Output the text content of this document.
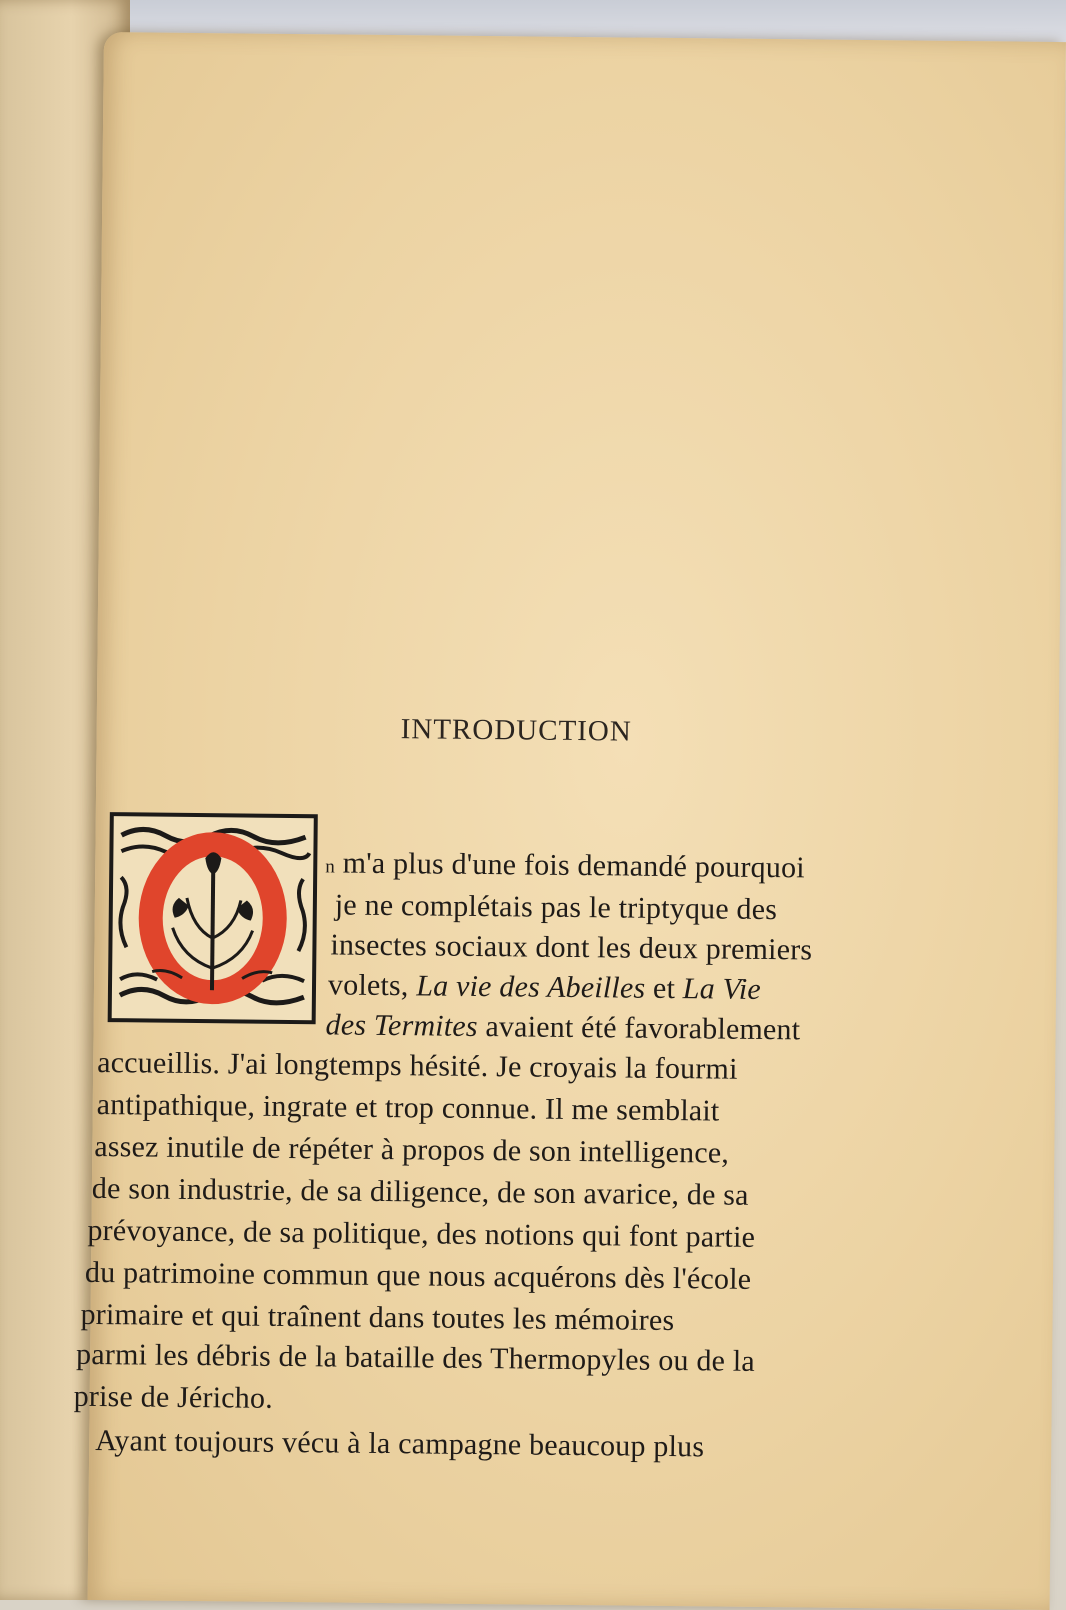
INTRODUCTION
n m'a plus d'une fois demandé pourquoi
je ne complétais pas le triptyque des
insectes sociaux dont les deux premiers
volets, La vie des Abeilles et La Vie
des Termites avaient été favorablement
accueillis. J'ai longtemps hésité. Je croyais la fourmi
antipathique, ingrate et trop connue. Il me semblait
assez inutile de répéter à propos de son intelligence,
de son industrie, de sa diligence, de son avarice, de sa
prévoyance, de sa politique, des notions qui font partie
du patrimoine commun que nous acquérons dès l'école
primaire et qui traînent dans toutes les mémoires
parmi les débris de la bataille des Thermopyles ou de la
prise de Jéricho.
Ayant toujours vécu à la campagne beaucoup plus
